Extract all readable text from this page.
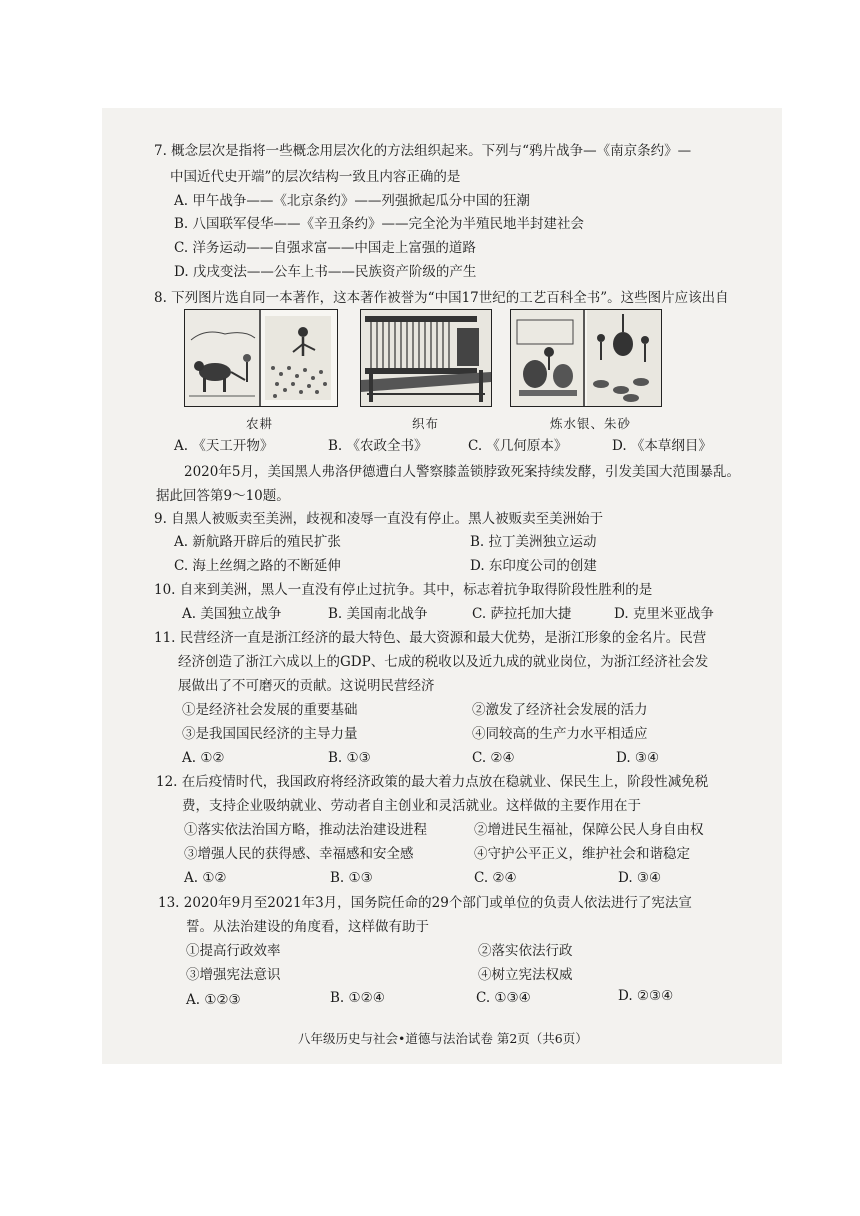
7. 概念层次是指将一些概念用层次化的方法组织起来。下列与“鸦片战争—《南京条约》—
中国近代史开端”的层次结构一致且内容正确的是
A. 甲午战争——《北京条约》——列强掀起瓜分中国的狂潮
B. 八国联军侵华——《辛丑条约》——完全沦为半殖民地半封建社会
C. 洋务运动——自强求富——中国走上富强的道路
D. 戊戌变法——公车上书——民族资产阶级的产生
8. 下列图片选自同一本著作，这本著作被誉为“中国17世纪的工艺百科全书”。这些图片应该出自
农耕	织布	炼水银、朱砂
A. 《天工开物》	B. 《农政全书》	C. 《几何原本》	D. 《本草纲目》
2020年5月，美国黑人弗洛伊德遭白人警察膝盖锁脖致死案持续发酵，引发美国大范围暴乱。
据此回答第9～10题。
9. 自黑人被贩卖至美洲，歧视和凌辱一直没有停止。黑人被贩卖至美洲始于
A. 新航路开辟后的殖民扩张	B. 拉丁美洲独立运动
C. 海上丝绸之路的不断延伸	D. 东印度公司的创建
10. 自来到美洲，黑人一直没有停止过抗争。其中，标志着抗争取得阶段性胜利的是
A. 美国独立战争	B. 美国南北战争	C. 萨拉托加大捷	D. 克里米亚战争
11. 民营经济一直是浙江经济的最大特色、最大资源和最大优势，是浙江形象的金名片。民营
经济创造了浙江六成以上的GDP、七成的税收以及近九成的就业岗位，为浙江经济社会发
展做出了不可磨灭的贡献。这说明民营经济
①是经济社会发展的重要基础	②激发了经济社会发展的活力
③是我国国民经济的主导力量	④同较高的生产力水平相适应
A. ①②	B. ①③	C. ②④	D. ③④
12. 在后疫情时代，我国政府将经济政策的最大着力点放在稳就业、保民生上，阶段性减免税
费，支持企业吸纳就业、劳动者自主创业和灵活就业。这样做的主要作用在于
①落实依法治国方略，推动法治建设进程	②增进民生福祉，保障公民人身自由权
③增强人民的获得感、幸福感和安全感	④守护公平正义，维护社会和谐稳定
A. ①②	B. ①③	C. ②④	D. ③④
13. 2020年9月至2021年3月，国务院任命的29个部门或单位的负责人依法进行了宪法宣
誓。从法治建设的角度看，这样做有助于
①提高行政效率	②落实依法行政
③增强宪法意识	④树立宪法权威
A. ①②③	B. ①②④	C. ①③④	D. ②③④
八年级历史与社会•道德与法治试卷 第2页（共6页）
